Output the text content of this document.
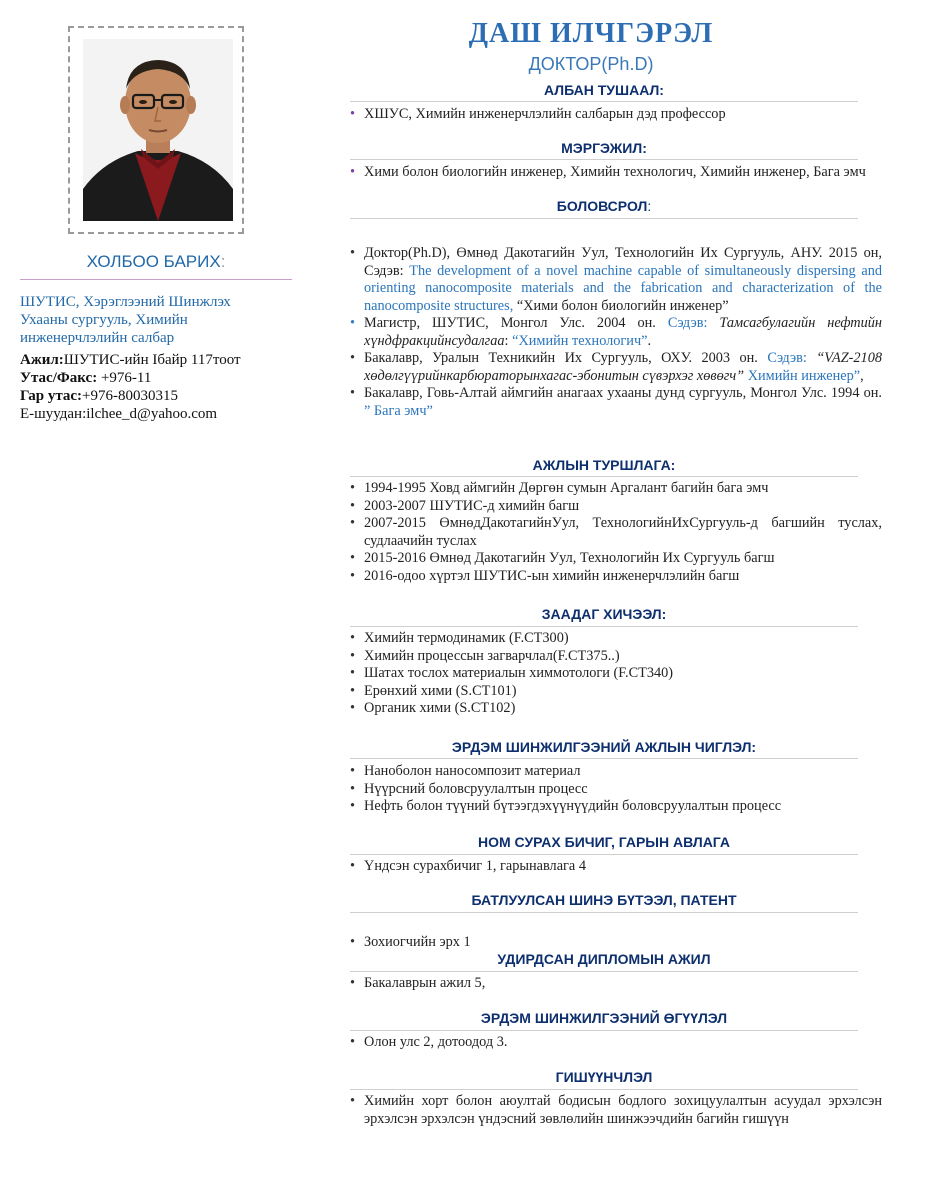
ХОЛБОО БАРИХ:
ШУТИС, Хэрэглээний Шинжлэх Ухааны сургууль, Химийн инженерчлэлийн салбар
Ажил:ШУТИС-ийн Iбайр 117тоот
Утас/Факс: +976-11
Гар утас:+976-80030315
E-шуудан:ilchee_d@yahoo.com
ДАШ ИЛЧГЭРЭЛ
ДОКТОР(Ph.D)
АЛБАН ТУШААЛ:
• ХШУС, Химийн инженерчлэлийн салбарын дэд профессор
МЭРГЭЖИЛ:
• Хими болон биологийн инженер, Химийн технологич, Химийн инженер, Бага эмч
БОЛОВСРОЛ:
• Доктор(Ph.D), Өмнөд Дакотагийн Уул, Технологийн Их Сургууль, АНУ. 2015 он, Сэдэв: The development of a novel machine capable of simultaneously dispersing and orienting nanocomposite materials and the fabrication and characterization of the nanocomposite structures, “Хими болон биологийн инженер”
• Магистр, ШУТИС, Монгол Улс. 2004 он. Сэдэв: Тамсагбулагийн нефтийн хүндфракцийнсудалгаа: “Химийн технологич”.
• Бакалавр, Уралын Техникийн Их Сургууль, ОХУ. 2003 он. Сэдэв: “VAZ-2108 хөдөлгүүрийнкарбюраторынхагас-эбонитын сүвэрхэг хөвөгч” Химийн инженер”,
• Бакалавр, Говь-Алтай аймгийн анагаах ухааны дунд сургууль, Монгол Улс. 1994 он. ” Бага эмч”
АЖЛЫН ТУРШЛАГА:
• 1994-1995 Ховд аймгийн Дөргөн сумын Аргалант багийн бага эмч
• 2003-2007 ШУТИС-д химийн багш
• 2007-2015 ӨмнөдДакотагийнУул, ТехнологийнИхСургууль-д багшийн туслах, судлаачийн туслах
• 2015-2016 Өмнөд Дакотагийн Уул, Технологийн Их Сургууль багш
• 2016-одоо хүртэл ШУТИС-ын химийн инженерчлэлийн багш
ЗААДАГ ХИЧЭЭЛ:
• Химийн термодинамик (F.CT300)
• Химийн процессын загварчлал(F.CT375..)
• Шатах тослох материалын химмотологи (F.CT340)
• Ерөнхий хими (S.CT101)
• Органик хими (S.CT102)
ЭРДЭМ ШИНЖИЛГЭЭНИЙ АЖЛЫН ЧИГЛЭЛ:
• Наноболон наносомпозит материал
• Нүүрсний боловсруулалтын процесс
• Нефть болон түүний бүтээгдэхүүнүүдийн боловсруулалтын процесс
НОМ СУРАХ БИЧИГ, ГАРЫН АВЛАГА
• Үндсэн сурахбичиг 1, гарынавлага 4
БАТЛУУЛСАН ШИНЭ БҮТЭЭЛ, ПАТЕНТ
• Зохиогчийн эрх 1
УДИРДСАН ДИПЛОМЫН АЖИЛ
• Бакалаврын ажил 5,
ЭРДЭМ ШИНЖИЛГЭЭНИЙ ӨГҮҮЛЭЛ
• Олон улс 2, дотоодод 3.
ГИШҮҮНЧЛЭЛ
• Химийн хорт болон аюултай бодисын бодлого зохицуулалтын асуудал эрхэлсэн эрхэлсэн эрхэлсэн үндэсний зөвлөлийн шинжээчдийн багийн гишүүн
